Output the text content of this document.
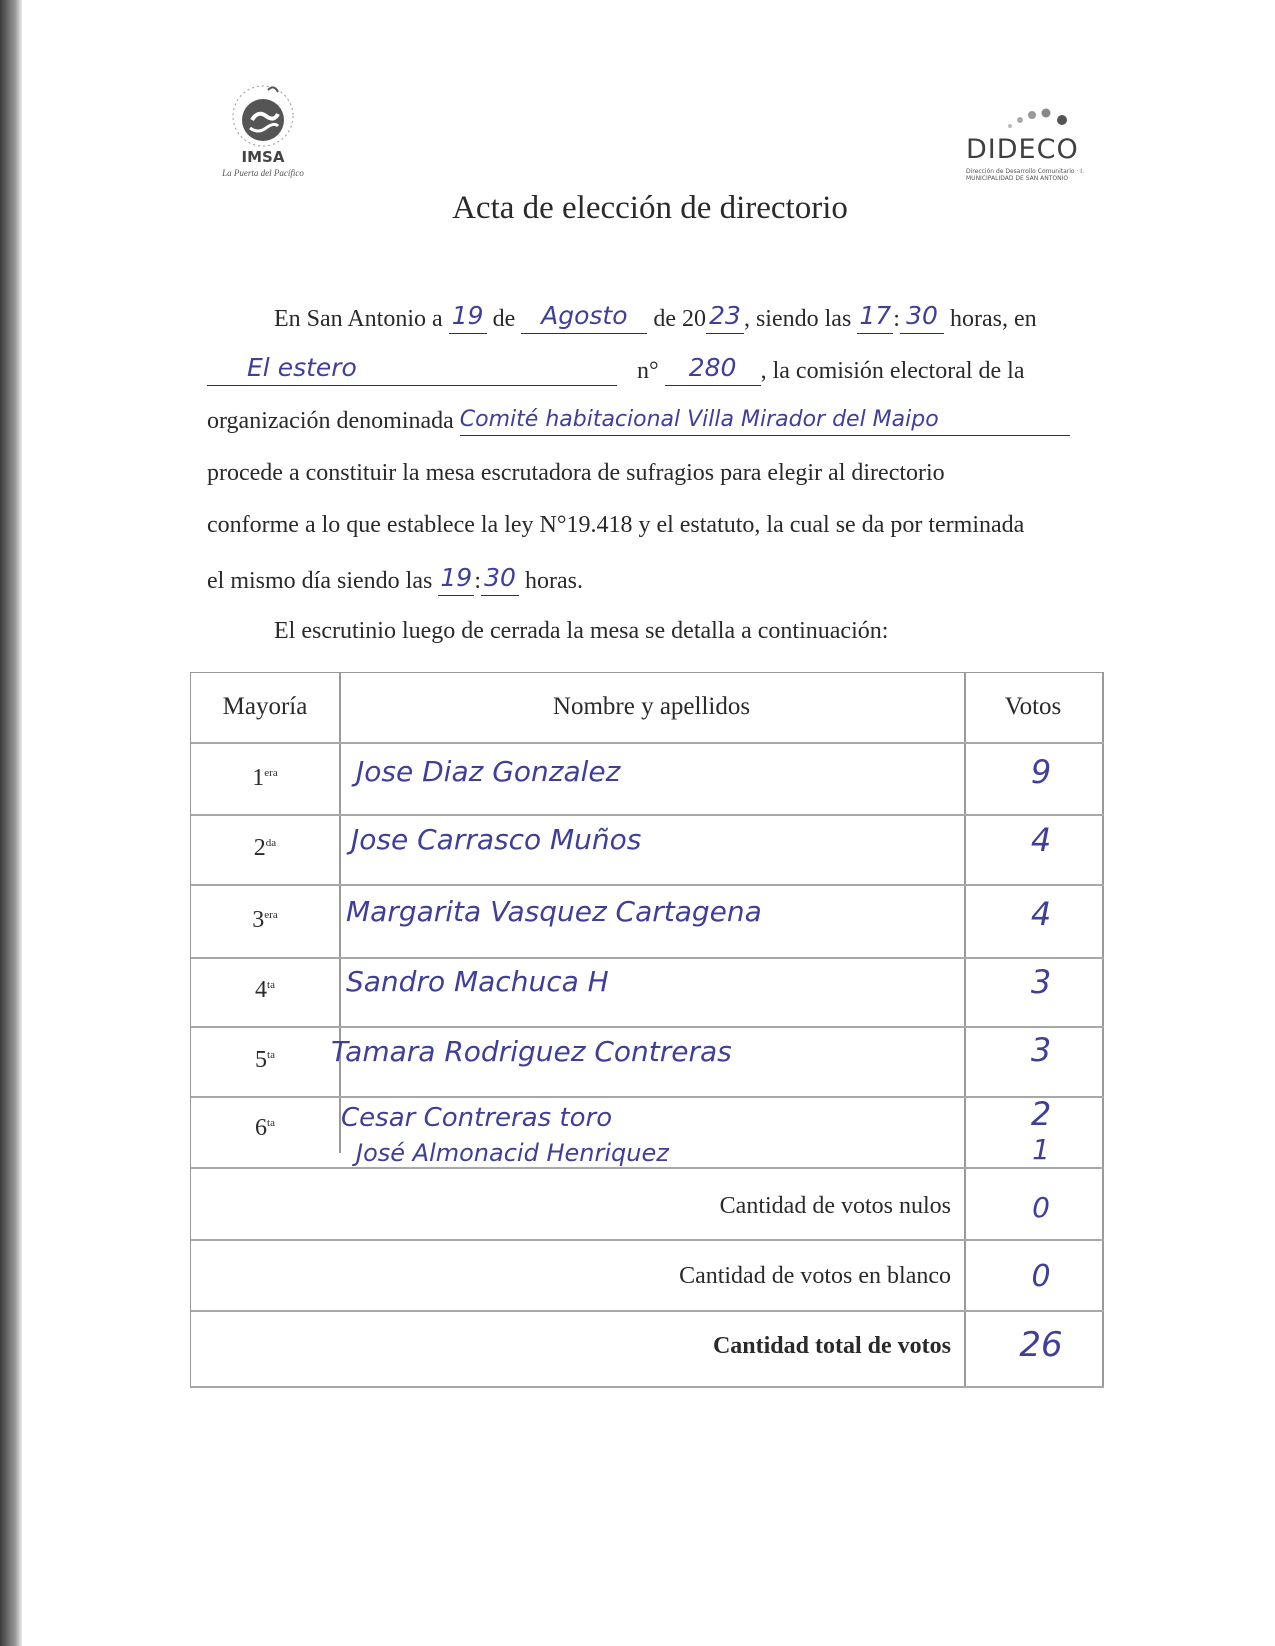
IMSA
La Puerta del Pacífico
DIDECO
Dirección de Desarrollo Comunitario · I. MUNICIPALIDAD DE SAN ANTONIO
Acta de elección de directorio
En San Antonio a 19 de Agosto de 20 23 , siendo las 17: 30 horas, en
El estero	n° 280 , la comisión electoral de la
organización denominada Comité habitacional Villa Mirador del Maipo
procede a constituir la mesa escrutadora de sufragios para elegir al directorio
conforme a lo que establece la ley N°19.418 y el estatuto, la cual se da por terminada
el mismo día siendo las 19: 30 horas.
El escrutinio luego de cerrada la mesa se detalla a continuación:
Mayoría	Nombre y apellidos	Votos
$1^{era}$	Jose Diaz Gonzalez	9
$2^{da}$	Jose Carrasco Muños	4
$3^{era}$	Margarita Vasquez Cartagena	4
$4^{ta}$	Sandro Machuca H	3
$5^{ta}$	Tamara Rodriguez Contreras	3
$6^{ta}$	Cesar Contreras toro	2
José Almonacid Henriquez	1
Cantidad de votos nulos	0
Cantidad de votos en blanco	0
Cantidad total de votos	26
